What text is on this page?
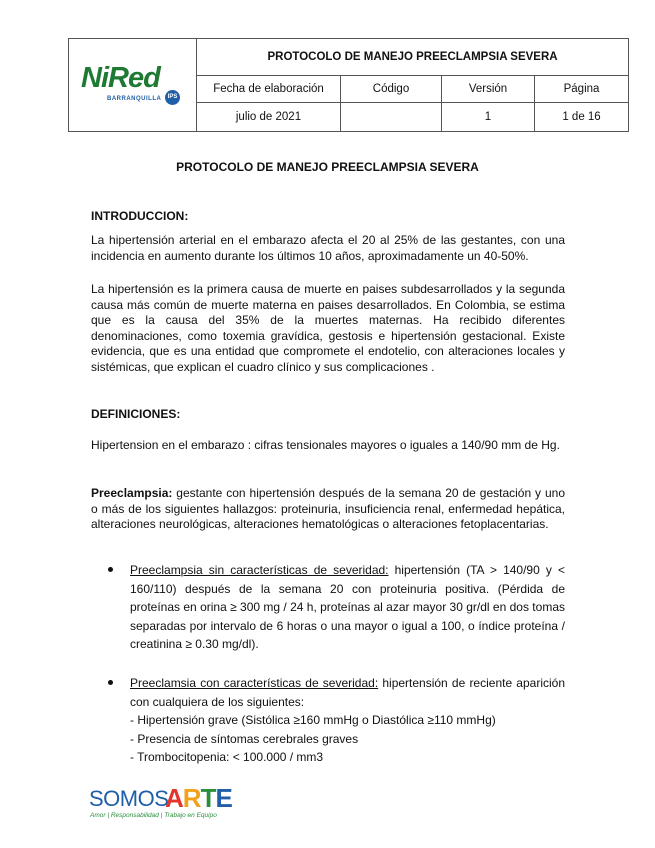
NiRed
BARRANQUILLA IPS	PROTOCOLO DE MANEJO PREECLAMPSIA SEVERA			
	Fecha de elaboración	Código	Versión	Página
	julio de 2021		1	1 de 16
PROTOCOLO DE MANEJO PREECLAMPSIA SEVERA
INTRODUCCION:

La hipertensión arterial en el embarazo afecta el 20 al 25% de las gestantes, con una incidencia en aumento durante los últimos 10 años, aproximadamente un 40-50%.

La hipertensión es la primera causa de muerte en paises subdesarrollados y la segunda causa más común de muerte materna en paises desarrollados. En Colombia, se estima que es la causa del 35% de la muertes maternas. Ha recibido diferentes denominaciones, como toxemia gravídica, gestosis e hipertensión gestacional. Existe evidencia, que es una entidad que compromete el endotelio, con alteraciones locales y sistémicas, que explican el cuadro clínico y sus complicaciones .

DEFINICIONES:

Hipertension en el embarazo : cifras tensionales mayores o iguales a 140/90 mm de Hg.

Preeclampsia: gestante con hipertensión después de la semana 20 de gestación y uno o más de los siguientes hallazgos: proteinuria, insuficiencia renal, enfermedad hepática, alteraciones neurológicas, alteraciones hematológicas o alteraciones fetoplacentarias.

Preeclampsia sin características de severidad: hipertensión (TA > 140/90 y < 160/110) después de la semana 20 con proteinuria positiva. (Pérdida de proteínas en orina ≥ 300 mg / 24 h, proteínas al azar mayor 30 gr/dl en dos tomas separadas por intervalo de 6 horas o una mayor o igual a 100, o índice proteína / creatinina ≥ 0.30 mg/dl).
Preeclamsia con características de severidad: hipertensión de reciente aparición con cualquiera de los siguientes:
- Hipertensión grave (Sistólica ≥160 mmHg o Diastólica ≥110 mmHg)
- Presencia de síntomas cerebrales graves
- Trombocitopenia: < 100.000 / mm3
SOMOS
ARTE
Amor | Responsabilidad | Trabajo en Equipo
